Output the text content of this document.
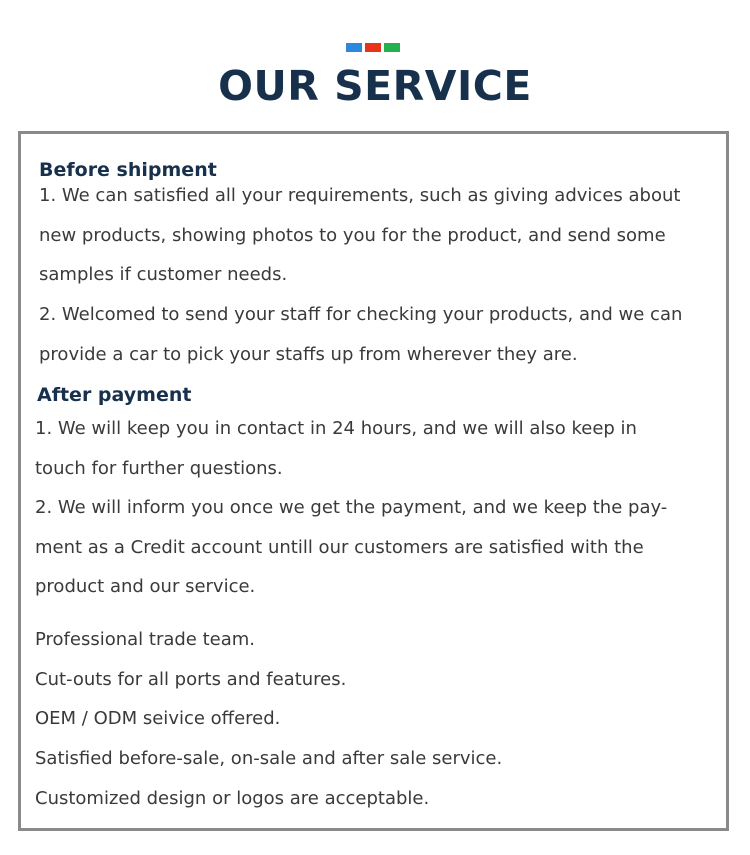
OUR SERVICE
Before shipment

1. We can satisfied all your requirements, such as giving advices about
new products, showing photos to you for the product, and send some
samples if customer needs.

2. Welcomed to send your staff for checking your products, and we can
provide a car to pick your staffs up from wherever they are.

After payment

1. We will keep you in contact in 24 hours, and we will also keep in
touch for further questions.

2. We will inform you once we get the payment, and we keep the pay-
ment as a Credit account untill our customers are satisfied with the
product and our service.

Professional trade team.
Cut-outs for all ports and features.
OEM / ODM seivice offered.
Satisfied before-sale, on-sale and after sale service.
Customized design or logos are acceptable.
